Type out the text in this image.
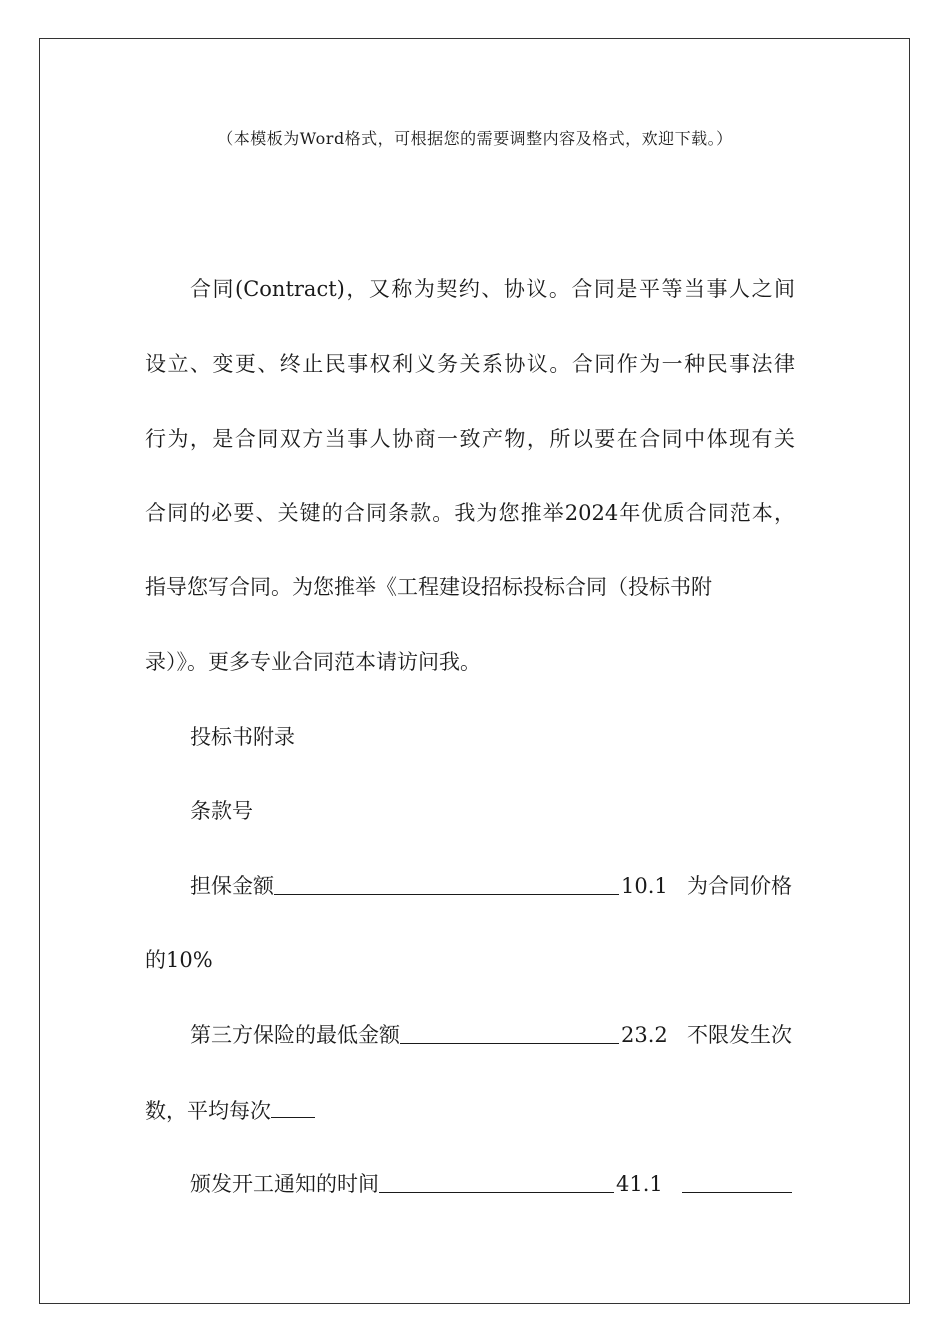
（本模板为Word格式，可根据您的需要调整内容及格式，欢迎下载。）
合同(Contract)，又称为契约、协议。合同是平等当事人之间
设立、变更、终止民事权利义务关系协议。合同作为一种民事法律
行为，是合同双方当事人协商一致产物，所以要在合同中体现有关
合同的必要、关键的合同条款。我为您推举2024年优质合同范本，
指导您写合同。为您推举《工程建设招标投标合同（投标书附
录）》。更多专业合同范本请访问我。
投标书附录
条款号
担保金额	10.1 为合同价格
的10%
第三方保险的最低金额	23.2 不限发生次
数，平均每次
颁发开工通知的时间	41.1
